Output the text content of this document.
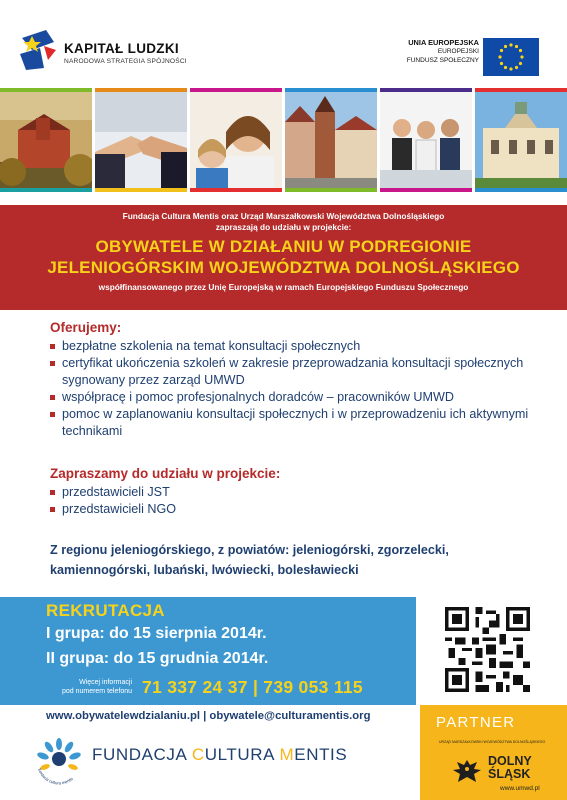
KAPITAŁ LUDZKI
NARODOWA STRATEGIA SPÓJNOŚCI
UNIA EUROPEJSKA
EUROPEJSKI
FUNDUSZ SPOŁECZNY
Fundacja Cultura Mentis oraz Urząd Marszałkowski Województwa Dolnośląskiego
zapraszają do udziału w projekcie:
OBYWATELE W DZIAŁANIU W PODREGIONIE
JELENIOGÓRSKIM WOJEWÓDZTWA DOLNOŚLĄSKIEGO
współfinansowanego przez Unię Europejską w ramach Europejskiego Funduszu Społecznego
Oferujemy:
bezpłatne szkolenia na temat konsultacji społecznych
certyfikat ukończenia szkoleń w zakresie przeprowadzania konsultacji społecznych sygnowany przez zarząd UMWD
współpracę i pomoc profesjonalnych doradców – pracowników UMWD
pomoc w zaplanowaniu konsultacji społecznych i w przeprowadzeniu ich aktywnymi technikami
Zapraszamy do udziału w projekcie:
przedstawicieli JST
przedstawicieli NGO
Z regionu jeleniogórskiego, z powiatów: jeleniogórski, zgorzelecki, kamiennogórski, lubański, lwówiecki, bolesławiecki
REKRUTACJA
I grupa: do 15 sierpnia 2014r.
II grupa: do 15 grudnia 2014r.
Więcej informacji
pod numerem telefonu 71 337 24 37 | 739 053 115
www.obywatelewdzialaniu.pl | obywatele@culturamentis.org
fundacja cultura mentis
FUNDACJA CULTURA MENTIS
PARTNER
URZĄD MARSZAŁKOWSKI WOJEWÓDZTWA DOLNOŚLĄSKIEGO
DOLNY
ŚLĄSK
www.umwd.pl
